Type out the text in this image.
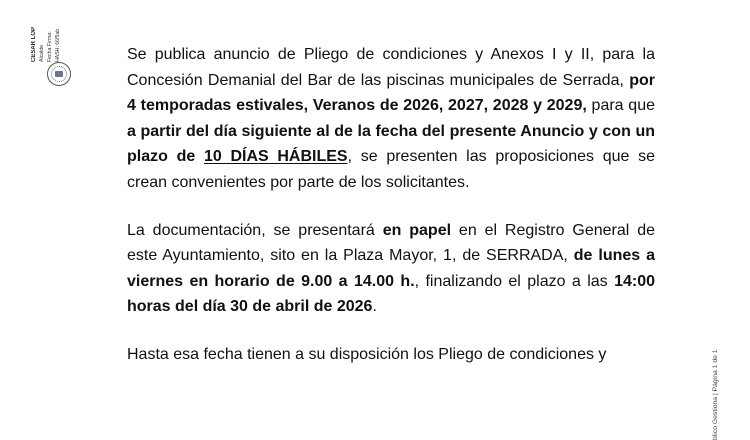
CESAR LOP Alcalde Fecha Firma: HASH: 66f5ab
blico Gestiona | Página 1 de 1

Se publica anuncio de Pliego de condiciones y Anexos I y II, para la Concesión Demanial del Bar de las piscinas municipales de Serrada, por 4 temporadas estivales, Veranos de 2026, 2027, 2028 y 2029, para que a partir del día siguiente al de la fecha del presente Anuncio y con un plazo de 10 DÍAS HÁBILES, se presenten las proposiciones que se crean convenientes por parte de los solicitantes.

La documentación, se presentará en papel en el Registro General de este Ayuntamiento, sito en la Plaza Mayor, 1, de SERRADA, de lunes a viernes en horario de 9.00 a 14.00 h., finalizando el plazo a las 14:00 horas del día 30 de abril de 2026.

Hasta esa fecha tienen a su disposición los Pliego de condiciones y
